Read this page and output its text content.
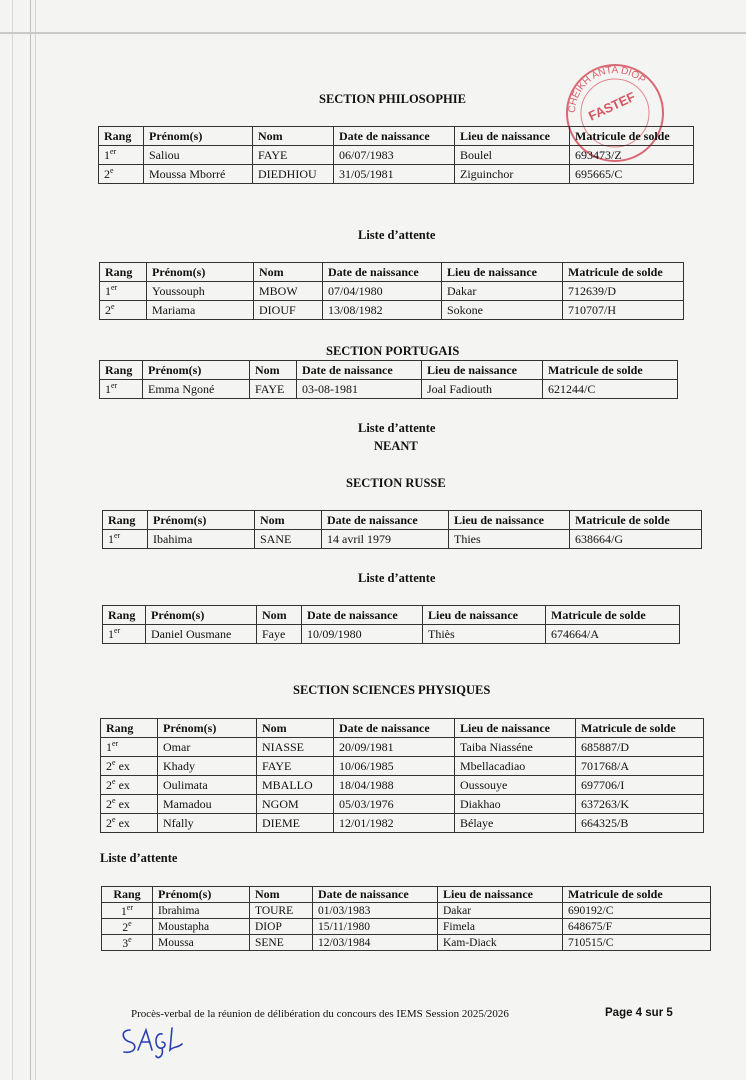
CHEIKH ANTA DIOP
FASTEF
SECTION PHILOSOPHIE
Rang	Prénom(s)	Nom	Date de naissance	Lieu de naissance	Matricule de solde
1er	Saliou	FAYE	06/07/1983	Boulel	693473/Z
2e	Moussa Mborré	DIEDHIOU	31/05/1981	Ziguinchor	695665/C
Liste d’attente
Rang	Prénom(s)	Nom	Date de naissance	Lieu de naissance	Matricule de solde
1er	Youssouph	MBOW	07/04/1980	Dakar	712639/D
2e	Mariama	DIOUF	13/08/1982	Sokone	710707/H
SECTION PORTUGAIS
Rang	Prénom(s)	Nom	Date de naissance	Lieu de naissance	Matricule de solde
1er	Emma Ngoné	FAYE	03-08-1981	Joal Fadiouth	621244/C
Liste d’attente
NEANT
SECTION RUSSE
Rang	Prénom(s)	Nom	Date de naissance	Lieu de naissance	Matricule de solde
1er	Ibahima	SANE	14 avril 1979	Thies	638664/G
Liste d’attente
Rang	Prénom(s)	Nom	Date de naissance	Lieu de naissance	Matricule de solde
1er	Daniel Ousmane	Faye	10/09/1980	Thiès	674664/A
SECTION SCIENCES PHYSIQUES
Rang	Prénom(s)	Nom	Date de naissance	Lieu de naissance	Matricule de solde
1er	Omar	NIASSE	20/09/1981	Taiba Niasséne	685887/D
2e ex	Khady	FAYE	10/06/1985	Mbellacadiao	701768/A
2e ex	Oulimata	MBALLO	18/04/1988	Oussouye	697706/I
2e ex	Mamadou	NGOM	05/03/1976	Diakhao	637263/K
2e ex	Nfally	DIEME	12/01/1982	Bélaye	664325/B
Liste d’attente
Rang	Prénom(s)	Nom	Date de naissance	Lieu de naissance	Matricule de solde
1er	Ibrahima	TOURE	01/03/1983	Dakar	690192/C
2e	Moustapha	DIOP	15/11/1980	Fimela	648675/F
3e	Moussa	SENE	12/03/1984	Kam-Diack	710515/C
Procès-verbal de la réunion de délibération du concours des IEMS Session 2025/2026	Page 4 sur 5
